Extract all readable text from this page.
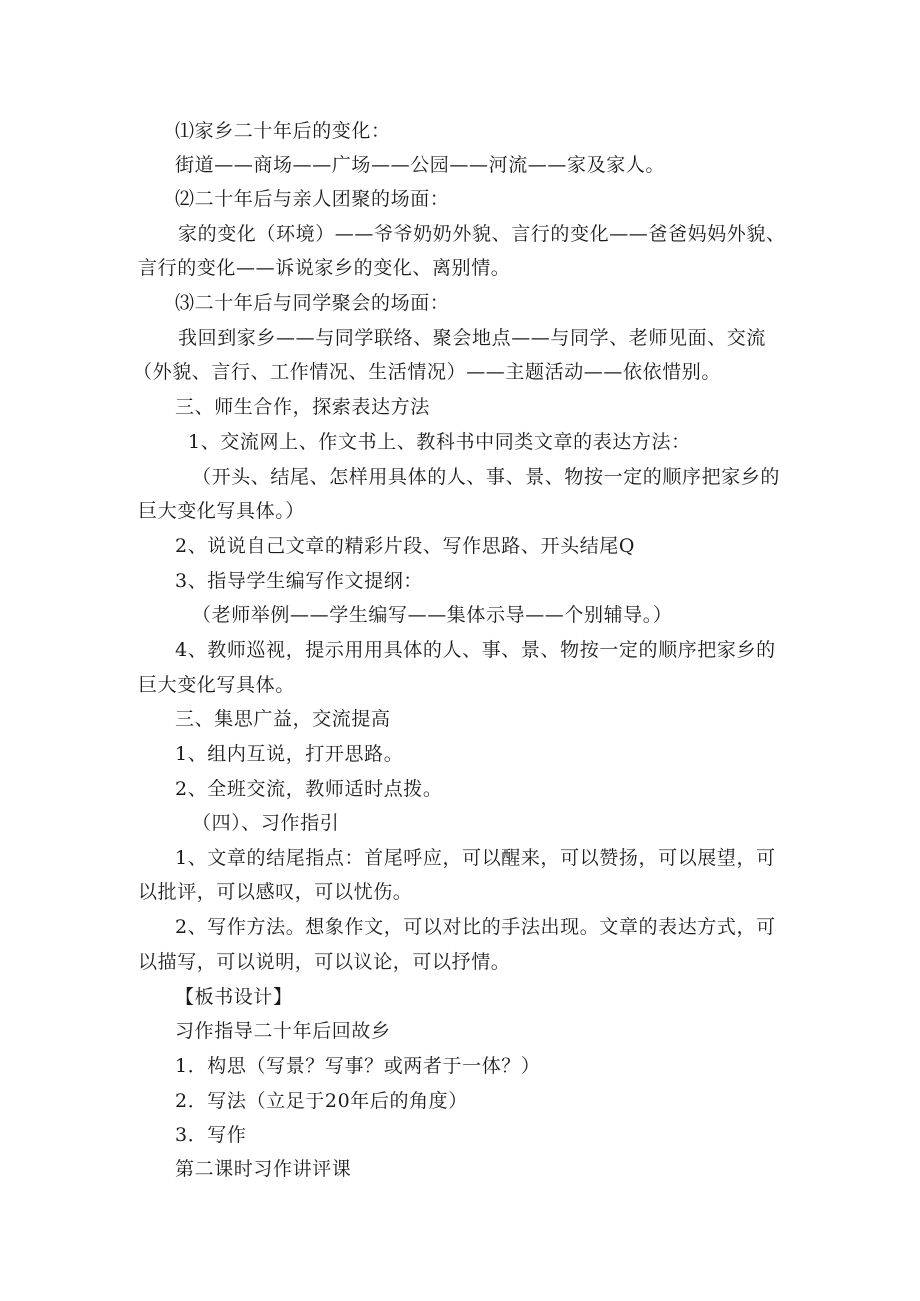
⑴家乡二十年后的变化：
街道——商场——广场——公园——河流——家及家人。
⑵二十年后与亲人团聚的场面：
家的变化（环境）——爷爷奶奶外貌、言行的变化——爸爸妈妈外貌、
言行的变化——诉说家乡的变化、离别情。
⑶二十年后与同学聚会的场面：
我回到家乡——与同学联络、聚会地点——与同学、老师见面、交流
（外貌、言行、工作情况、生活情况）——主题活动——依依惜别。
三、师生合作，探索表达方法
1、交流网上、作文书上、教科书中同类文章的表达方法：
（开头、结尾、怎样用具体的人、事、景、物按一定的顺序把家乡的
巨大变化写具体。）
2、说说自己文章的精彩片段、写作思路、开头结尾Q
3、指导学生编写作文提纲：
（老师举例——学生编写——集体示导——个别辅导。）
4、教师巡视，提示用用具体的人、事、景、物按一定的顺序把家乡的
巨大变化写具体。
三、集思广益，交流提高
1、组内互说，打开思路。
2、全班交流，教师适时点拨。
（四）、习作指引
1、文章的结尾指点：首尾呼应，可以醒来，可以赞扬，可以展望，可
以批评，可以感叹，可以忧伤。
2、写作方法。想象作文，可以对比的手法出现。文章的表达方式，可
以描写，可以说明，可以议论，可以抒情。
【板书设计】
习作指导二十年后回故乡
1．构思（写景？写事？或两者于一体？）
2．写法（立足于20年后的角度）
3．写作
第二课时习作讲评课
